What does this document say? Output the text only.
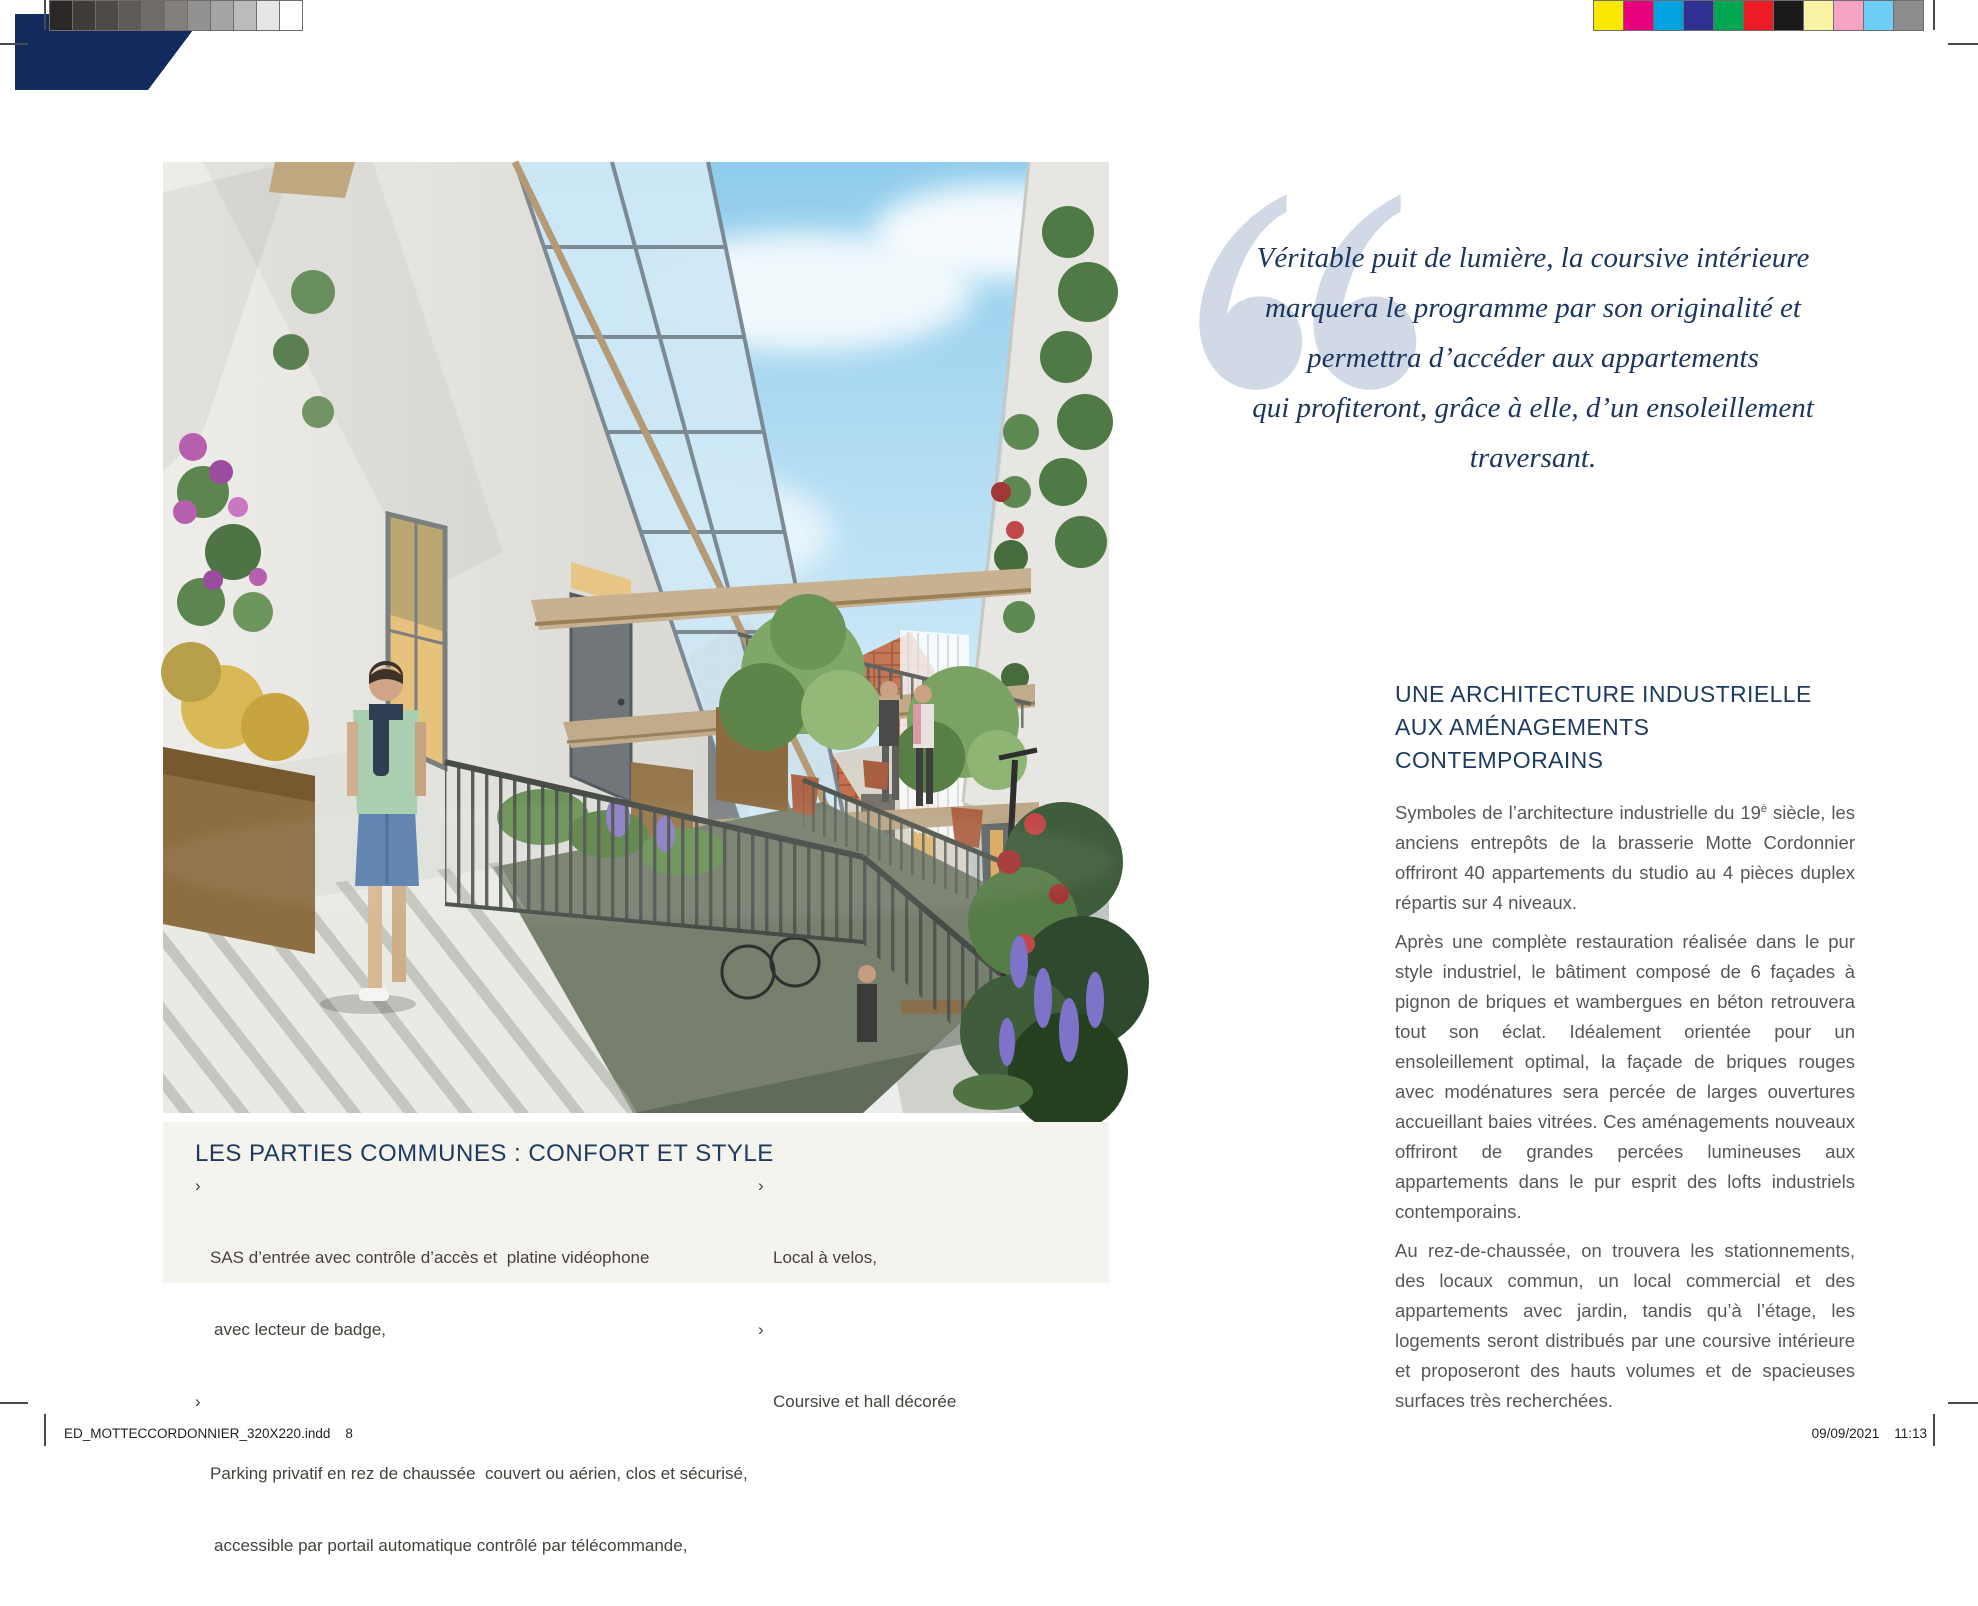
Véritable puit de lumière, la coursive intérieure
marquera le programme par son originalité et
permettra d’accéder aux appartements
qui profiteront, grâce à elle, d’un ensoleillement
traversant.
UNE ARCHITECTURE INDUSTRIELLE AUX AMÉNAGEMENTS CONTEMPORAINS

Symboles de l’architecture industrielle du $19^è$ siècle, les anciens entrepôts de la brasserie Motte Cordonnier offriront 40 appartements du studio au 4 pièces duplex répartis sur 4 niveaux.

Après une complète restauration réalisée dans le pur style industriel, le bâtiment composé de 6 façades à pignon de briques et wambergues en béton retrouvera tout son éclat. Idéalement orientée pour un ensoleillement optimal, la façade de briques rouges avec modénatures sera percée de larges ouvertures accueillant baies vitrées. Ces aménagements nouveaux offriront de grandes percées lumineuses aux appartements dans le pur esprit des lofts industriels contemporains.

Au rez-de-chaussée, on trouvera les stationnements, des locaux commun, un local commercial et des appartements avec jardin, tandis qu’à l’étage, les logements seront distribués par une coursive intérieure et proposeront des hauts volumes et de spacieuses surfaces très recherchées.

LES PARTIES COMMUNES : CONFORT ET STYLE

›

SAS d’entrée avec contrôle d’accès et  platine vidéophone

avec lecteur de badge,

›

Parking privatif en rez de chaussée  couvert ou aérien, clos et sécurisé,

accessible par portail automatique contrôlé par télécommande,

›

Local à velos,

›

Coursive et hall décorée

ED_MOTTECCORDONNIER_320X220.indd 8	09/09/2021 11:13
